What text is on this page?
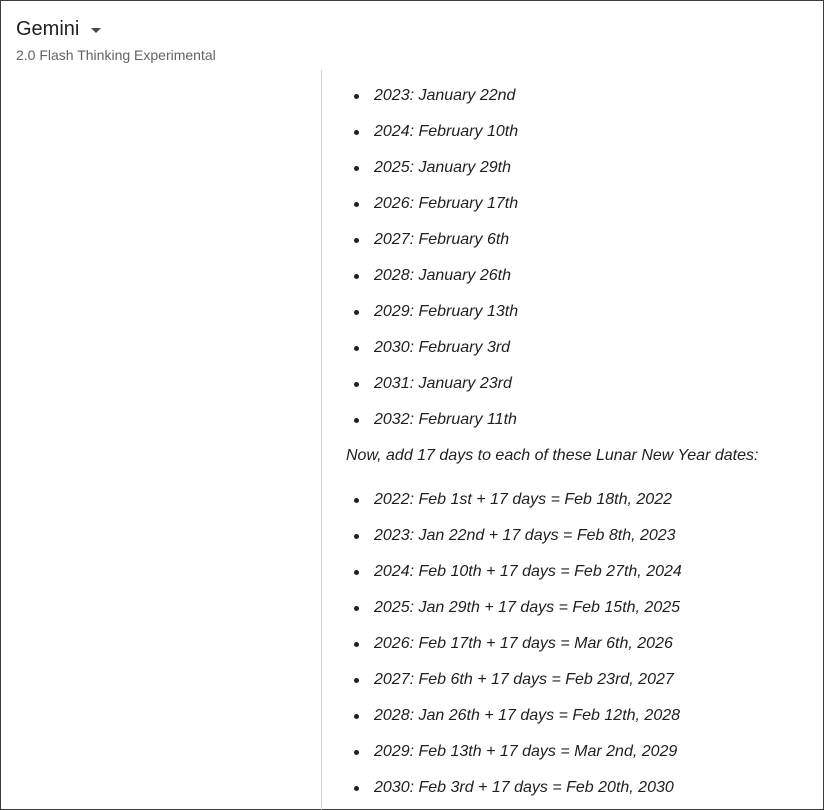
Gemini
2.0 Flash Thinking Experimental
2023: January 22nd
2024: February 10th
2025: January 29th
2026: February 17th
2027: February 6th
2028: January 26th
2029: February 13th
2030: February 3rd
2031: January 23rd
2032: February 11th
Now, add 17 days to each of these Lunar New Year dates:
2022: Feb 1st + 17 days = Feb 18th, 2022
2023: Jan 22nd + 17 days = Feb 8th, 2023
2024: Feb 10th + 17 days = Feb 27th, 2024
2025: Jan 29th + 17 days = Feb 15th, 2025
2026: Feb 17th + 17 days = Mar 6th, 2026
2027: Feb 6th + 17 days = Feb 23rd, 2027
2028: Jan 26th + 17 days = Feb 12th, 2028
2029: Feb 13th + 17 days = Mar 2nd, 2029
2030: Feb 3rd + 17 days = Feb 20th, 2030
